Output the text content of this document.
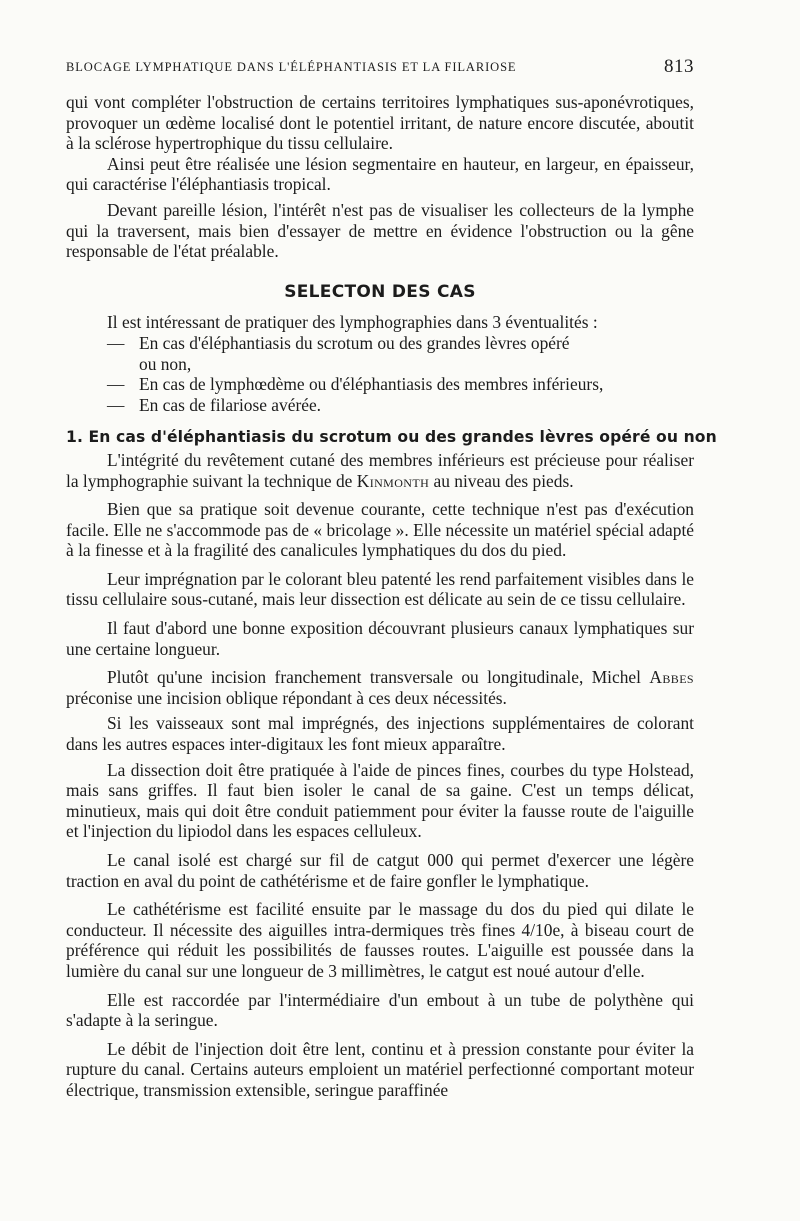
BLOCAGE LYMPHATIQUE DANS L'ÉLÉPHANTIASIS ET LA FILARIOSE	813

qui vont compléter l'obstruction de certains territoires lymphatiques sus-aponévrotiques, provoquer un œdème localisé dont le potentiel irritant, de nature encore discutée, aboutit à la sclérose hypertrophique du tissu cellulaire.

Ainsi peut être réalisée une lésion segmentaire en hauteur, en largeur, en épaisseur, qui caractérise l'éléphantiasis tropical.

Devant pareille lésion, l'intérêt n'est pas de visualiser les collecteurs de la lymphe qui la traversent, mais bien d'essayer de mettre en évidence l'obstruction ou la gêne responsable de l'état préalable.

SELECTON DES CAS

Il est intéressant de pratiquer des lymphographies dans 3 éventualités :

— En cas d'éléphantiasis du scrotum ou des grandes lèvres opéré
ou non,
— En cas de lymphœdème ou d'éléphantiasis des membres inférieurs,
— En cas de filariose avérée.

1. En cas d'éléphantiasis du scrotum ou des grandes lèvres opéré ou non

L'intégrité du revêtement cutané des membres inférieurs est précieuse pour réaliser la lymphographie suivant la technique de Kinmonth au niveau des pieds.

Bien que sa pratique soit devenue courante, cette technique n'est pas d'exécution facile. Elle ne s'accommode pas de « bricolage ». Elle nécessite un matériel spécial adapté à la finesse et à la fragilité des canalicules lymphatiques du dos du pied.

Leur imprégnation par le colorant bleu patenté les rend parfaitement visibles dans le tissu cellulaire sous-cutané, mais leur dissection est délicate au sein de ce tissu cellulaire.

Il faut d'abord une bonne exposition découvrant plusieurs canaux lymphatiques sur une certaine longueur.

Plutôt qu'une incision franchement transversale ou longitudinale, Michel Abbes préconise une incision oblique répondant à ces deux nécessités.

Si les vaisseaux sont mal imprégnés, des injections supplémentaires de colorant dans les autres espaces inter-digitaux les font mieux apparaître.

La dissection doit être pratiquée à l'aide de pinces fines, courbes du type Holstead, mais sans griffes. Il faut bien isoler le canal de sa gaine. C'est un temps délicat, minutieux, mais qui doit être conduit patiemment pour éviter la fausse route de l'aiguille et l'injection du lipiodol dans les espaces celluleux.

Le canal isolé est chargé sur fil de catgut 000 qui permet d'exercer une légère traction en aval du point de cathétérisme et de faire gonfler le lymphatique.

Le cathétérisme est facilité ensuite par le massage du dos du pied qui dilate le conducteur. Il nécessite des aiguilles intra-dermiques très fines 4/10e, à biseau court de préférence qui réduit les possibilités de fausses routes. L'aiguille est poussée dans la lumière du canal sur une longueur de 3 millimètres, le catgut est noué autour d'elle.

Elle est raccordée par l'intermédiaire d'un embout à un tube de polythène qui s'adapte à la seringue.

Le débit de l'injection doit être lent, continu et à pression constante pour éviter la rupture du canal. Certains auteurs emploient un matériel perfectionné comportant moteur électrique, transmission extensible, seringue paraffinée
